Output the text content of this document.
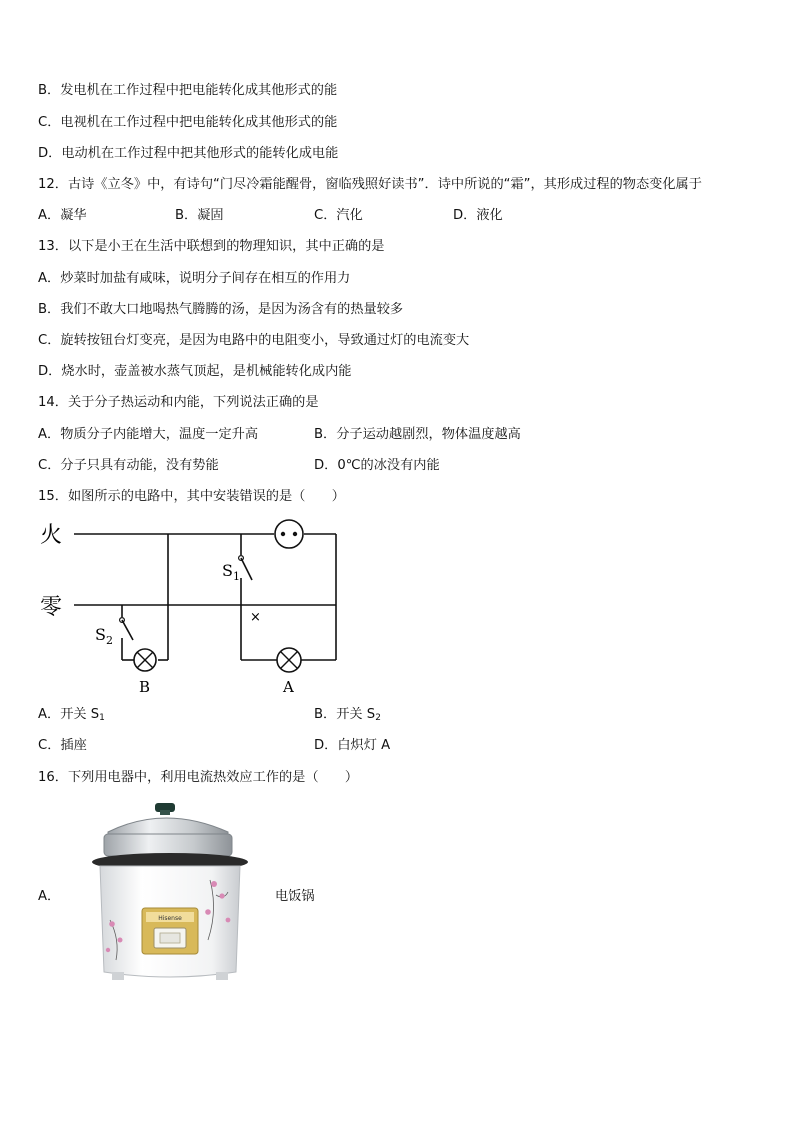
B．发电机在工作过程中把电能转化成其他形式的能
C．电视机在工作过程中把电能转化成其他形式的能
D．电动机在工作过程中把其他形式的能转化成电能
12．古诗《立冬》中，有诗句“门尽冷霜能醒骨，窗临残照好读书”．诗中所说的“霜”，其形成过程的物态变化属于
A．凝华	B．凝固	C．汽化	D．液化
13．以下是小王在生活中联想到的物理知识，其中正确的是
A．炒菜时加盐有咸味，说明分子间存在相互的作用力
B．我们不敢大口地喝热气腾腾的汤，是因为汤含有的热量较多
C．旋转按钮台灯变亮，是因为电路中的电阻变小，导致通过灯的电流变大
D．烧水时，壶盖被水蒸气顶起，是机械能转化成内能
14．关于分子热运动和内能，下列说法正确的是
A．物质分子内能增大，温度一定升高	B．分子运动越剧烈，物体温度越高
C．分子只具有动能，没有势能	D．0℃的冰没有内能
15．如图所示的电路中，其中安装错误的是（　　）
火
零
$S_1$
$S_2$
×
B	A
A．开关 $S_1$	B．开关 $S_2$
C．插座	D．白炽灯 A
16．下列用电器中，利用电流热效应工作的是（　　）
A．
Hisense
电饭锅
